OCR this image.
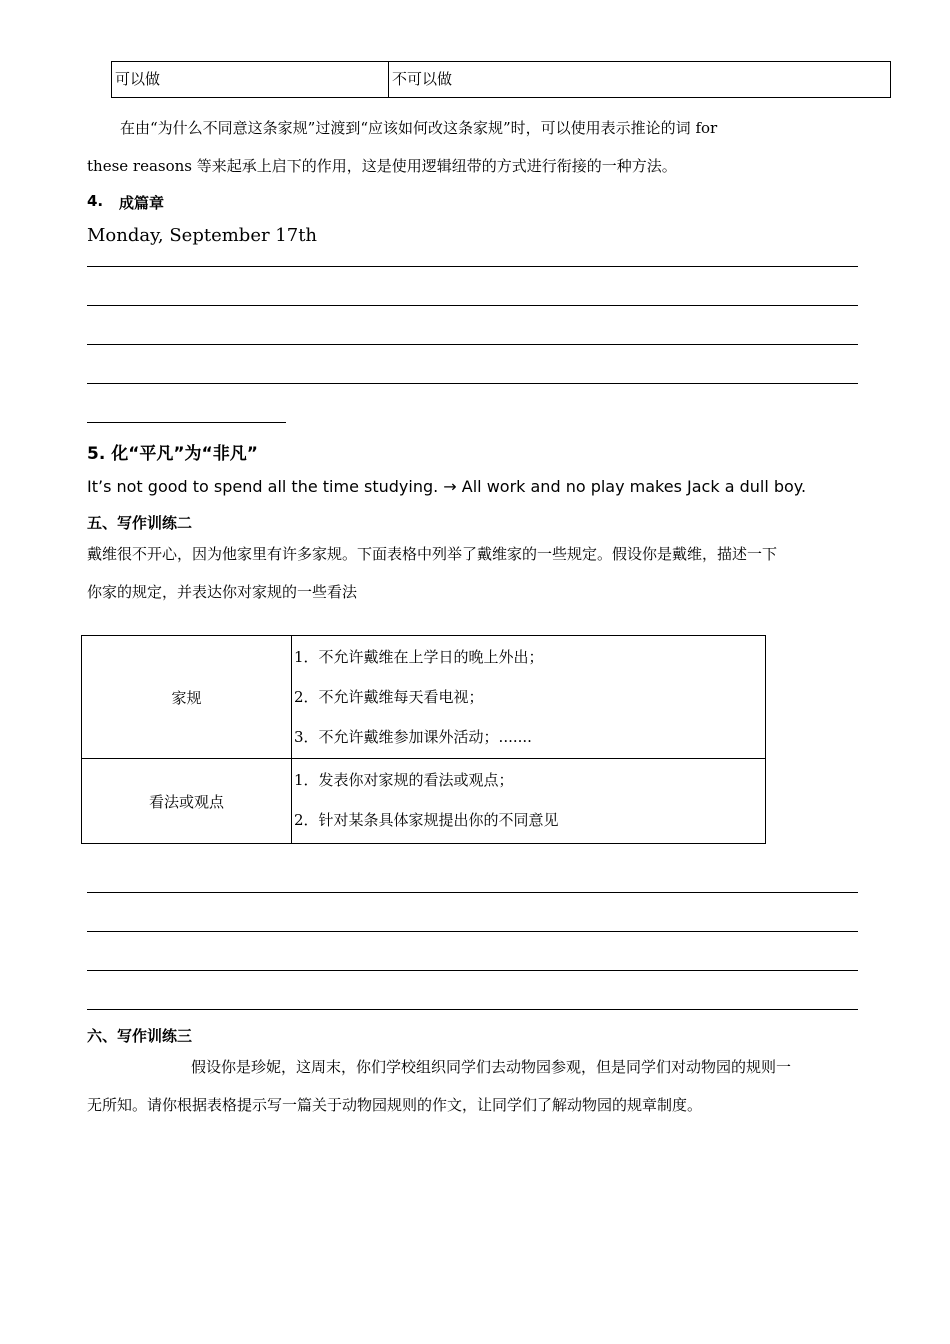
可以做	不可以做
在由“为什么不同意这条家规”过渡到“应该如何改这条家规”时，可以使用表示推论的词 for
these reasons 等来起承上启下的作用，这是使用逻辑纽带的方式进行衔接的一种方法。
4. 成篇章
Monday, September 17th
5. 化“平凡”为“非凡”
It’s not good to spend all the time studying. → All work and no play makes Jack a dull boy.
五、写作训练二
戴维很不开心，因为他家里有许多家规。下面表格中列举了戴维家的一些规定。假设你是戴维，描述一下
你家的规定，并表达你对家规的一些看法
家规	1．不允许戴维在上学日的晚上外出；
2．不允许戴维每天看电视；
3．不允许戴维参加课外活动；.......

看法或观点	1．发表你对家规的看法或观点；
2．针对某条具体家规提出你的不同意见
六、写作训练三
假设你是珍妮，这周末，你们学校组织同学们去动物园参观，但是同学们对动物园的规则一
无所知。请你根据表格提示写一篇关于动物园规则的作文，让同学们了解动物园的规章制度。
